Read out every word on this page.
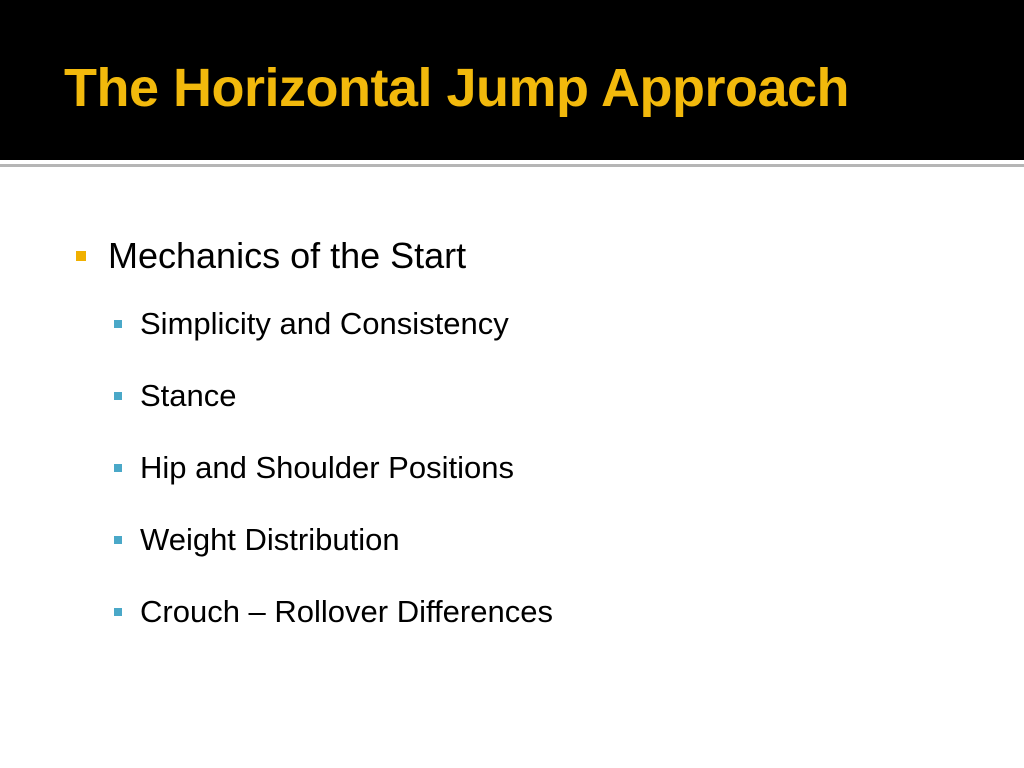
The Horizontal Jump Approach
Mechanics of the Start
Simplicity and Consistency
Stance
Hip and Shoulder Positions
Weight Distribution
Crouch – Rollover Differences
